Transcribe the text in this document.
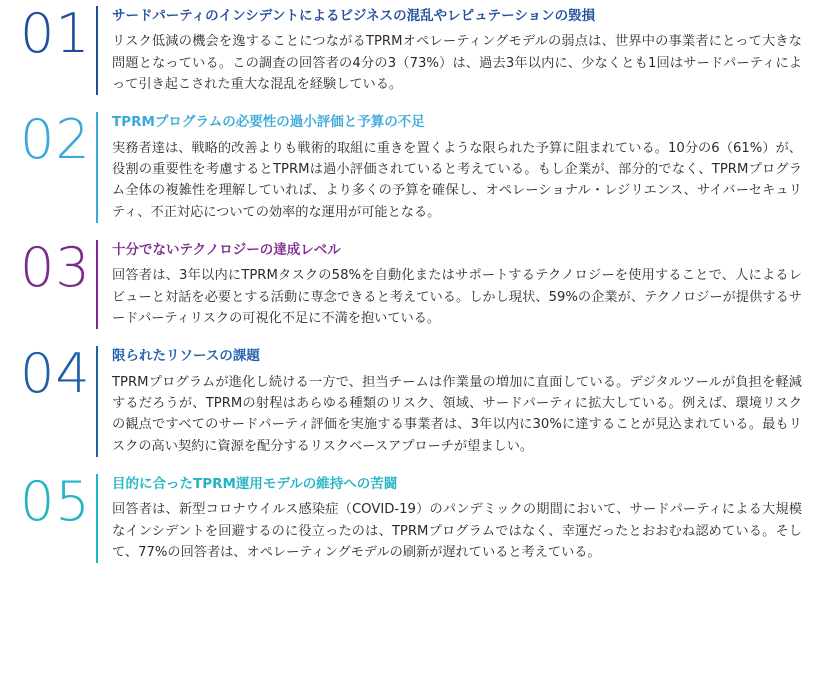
01	サードパーティのインシデントによるビジネスの混乱やレピュテーションの毀損

リスク低減の機会を逸することにつながるTPRMオペレーティングモデルの弱点は、世界中の事業者にとって大きな問題となっている。この調査の回答者の4分の3（73%）は、過去3年以内に、少なくとも1回はサードパーティによって引き起こされた重大な混乱を経験している。

02	TPRMプログラムの必要性の過小評価と予算の不足

実務者達は、戦略的改善よりも戦術的取組に重きを置くような限られた予算に阻まれている。10分の6（61%）が、役割の重要性を考慮するとTPRMは過小評価されていると考えている。もし企業が、部分的でなく、TPRMプログラム全体の複雑性を理解していれば、より多くの予算を確保し、オペレーショナル・レジリエンス、サイバーセキュリティ、不正対応についての効率的な運用が可能となる。

03	十分でないテクノロジーの達成レベル

回答者は、3年以内にTPRMタスクの58%を自動化またはサポートするテクノロジーを使用することで、人によるレビューと対話を必要とする活動に専念できると考えている。しかし現状、59%の企業が、テクノロジーが提供するサードパーティリスクの可視化不足に不満を抱いている。

04	限られたリソースの課題

TPRMプログラムが進化し続ける一方で、担当チームは作業量の増加に直面している。デジタルツールが負担を軽減するだろうが、TPRMの射程はあらゆる種類のリスク、領域、サードパーティに拡大している。例えば、環境リスクの観点ですべてのサードパーティ評価を実施する事業者は、3年以内に30%に達することが見込まれている。最もリスクの高い契約に資源を配分するリスクベースアプローチが望ましい。

05	目的に合ったTPRM運用モデルの維持への苦闘

回答者は、新型コロナウイルス感染症（COVID-19）のパンデミックの期間において、サードパーティによる大規模なインシデントを回避するのに役立ったのは、TPRMプログラムではなく、幸運だったとおおむね認めている。そして、77%の回答者は、オペレーティングモデルの刷新が遅れていると考えている。
